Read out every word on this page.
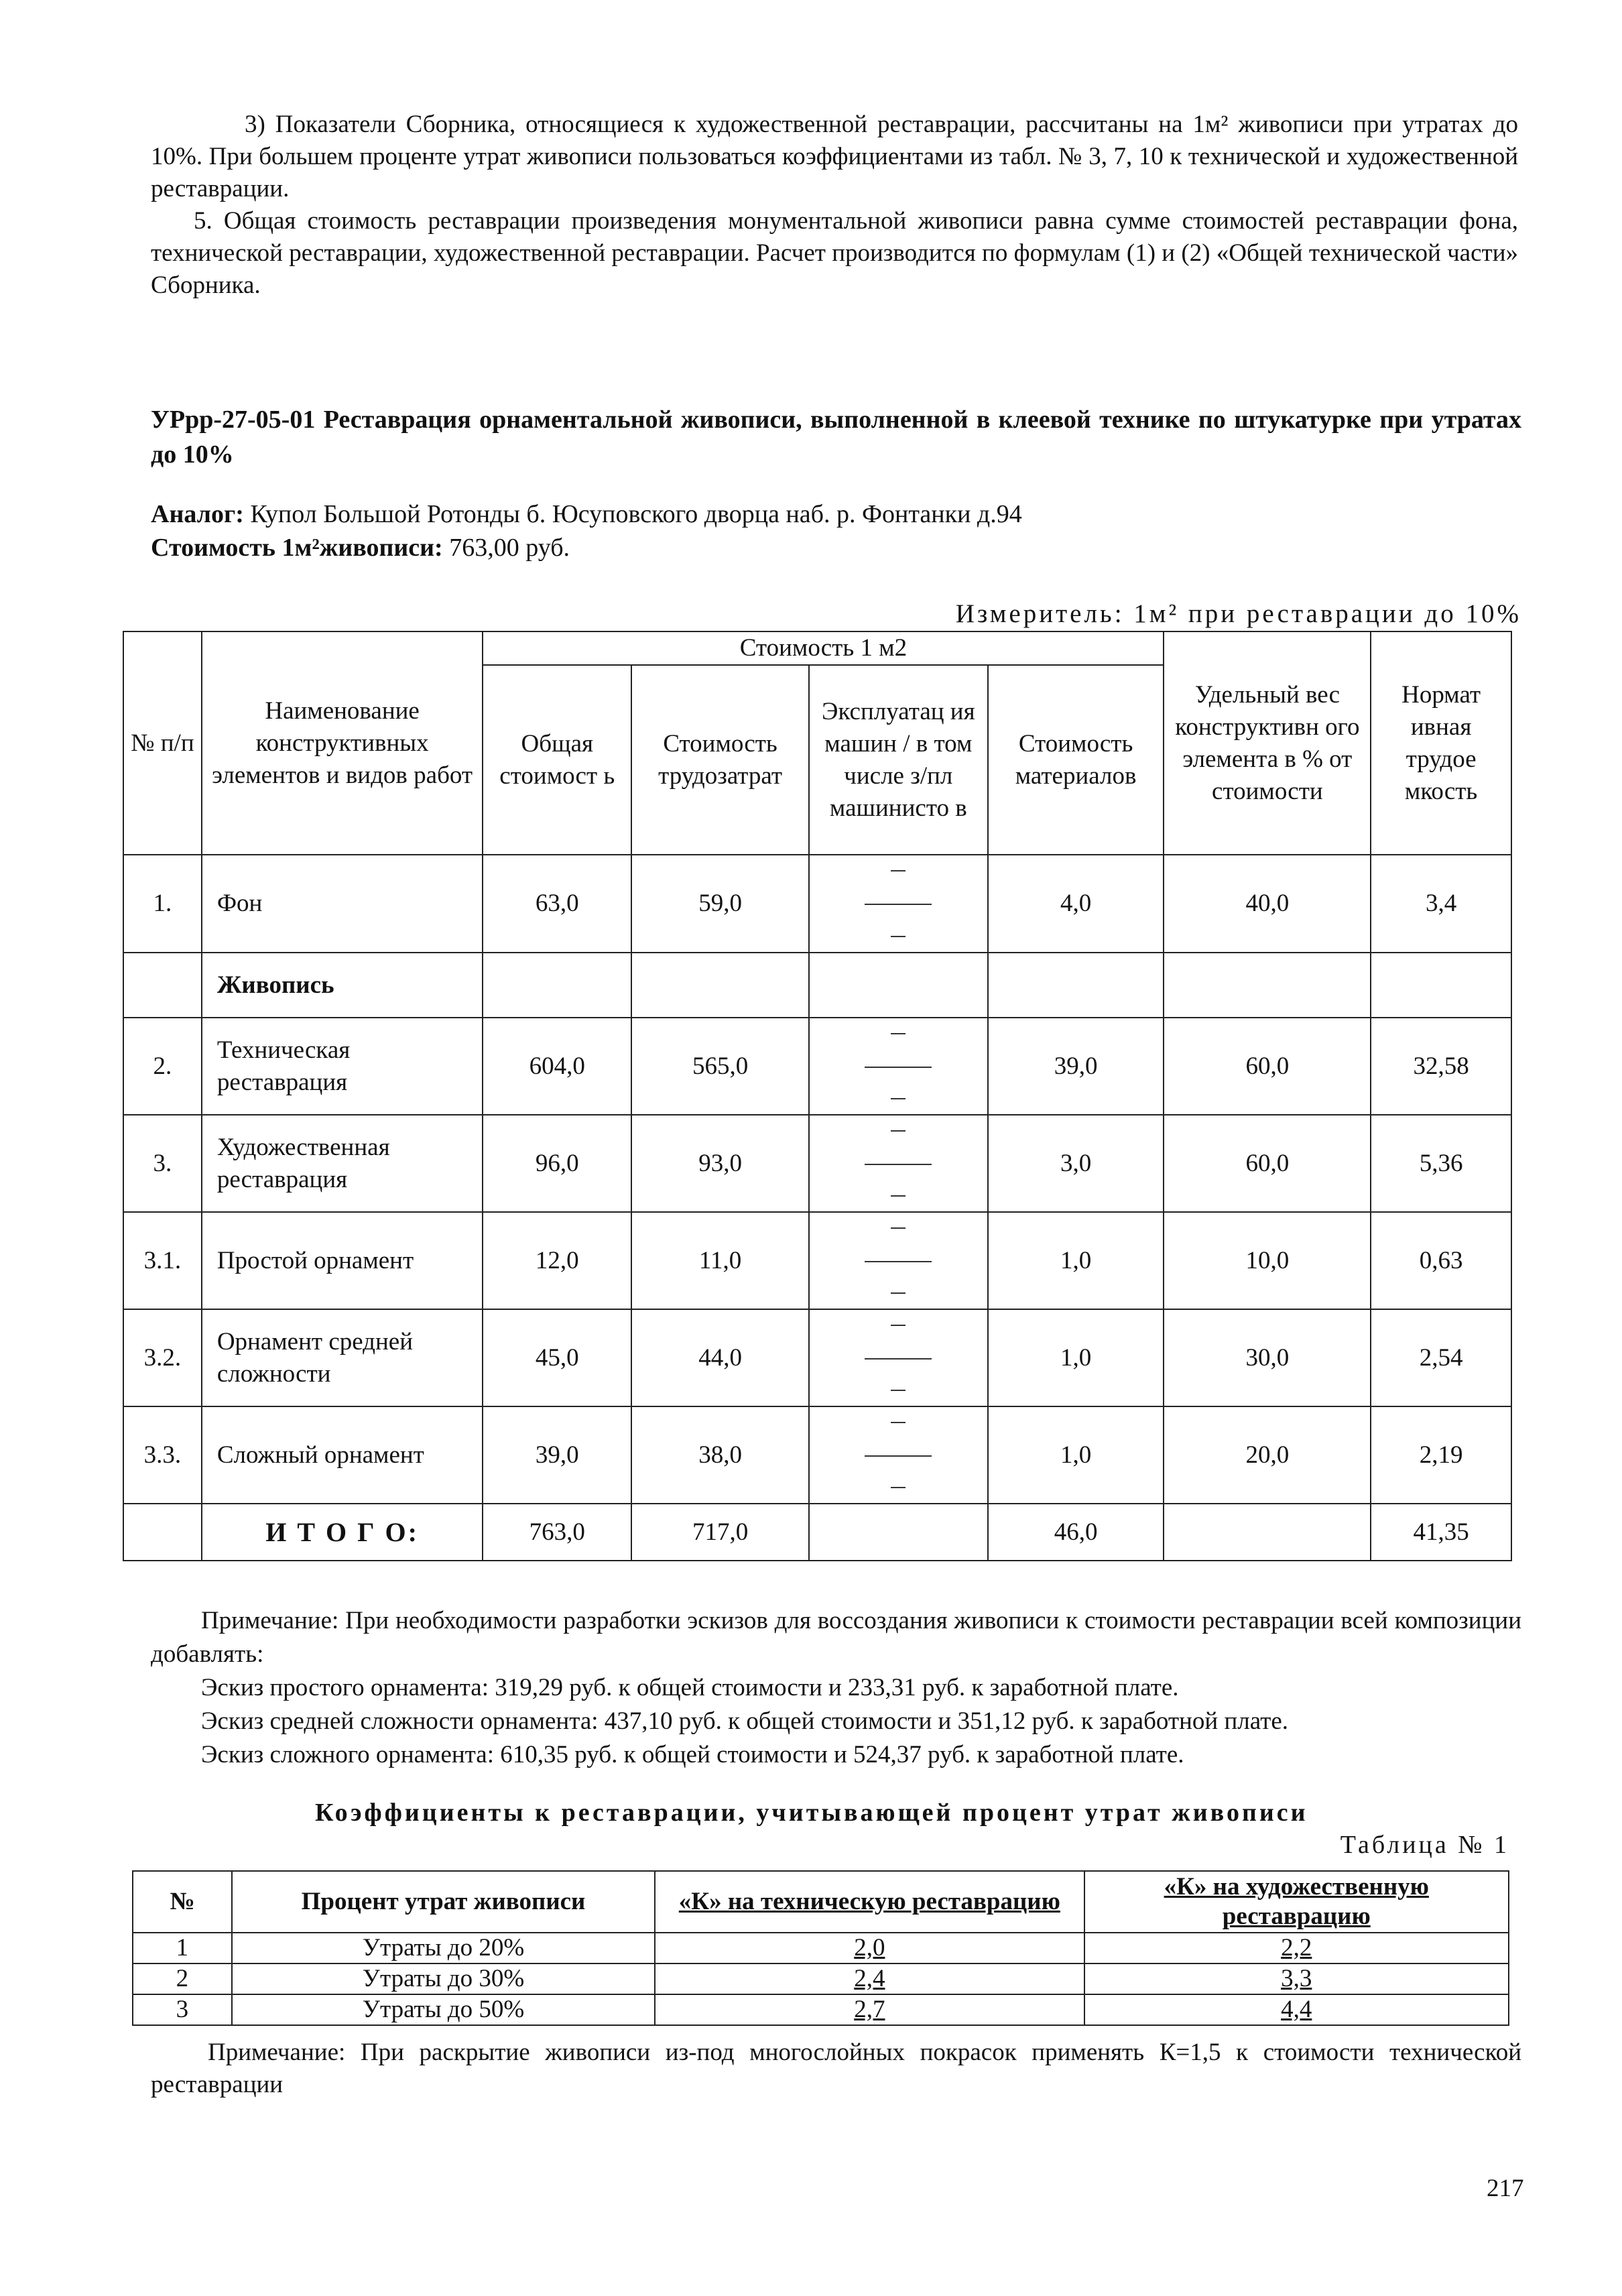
3) Показатели Сборника, относящиеся к художественной реставрации, рассчитаны на 1м² живописи при утратах до 10%. При большем проценте утрат живописи пользоваться коэффициентами из табл. № 3, 7, 10 к технической и художественной реставрации.

5. Общая стоимость реставрации произведения монументальной живописи равна сумме стоимостей реставрации фона, технической реставрации, художественной реставрации. Расчет производится по формулам (1) и (2) «Общей технической части» Сборника.

УРрр-27-05-01 Реставрация орнаментальной живописи, выполненной в клеевой технике по штукатурке при утратах до 10%

Аналог: Купол Большой Ротонды б. Юсуповского дворца наб. р. Фонтанки д.94

Стоимость 1м²живописи: 763,00 руб.

Измеритель: 1м² при реставрации до 10%
№ п/п	Наименование конструктивных элементов и видов работ	Стоимость 1 м2				Удельный вес конструктивн ого элемента в % от стоимости	Нормат ивная трудое мкость
		Общая стоимост ь	Стоимость трудозатрат	Эксплуатац ия машин / в том числе з/пл машинисто в	Стоимость материалов		
1.	Фон	63,0	59,0		4,0	40,0	3,4
	Живопись						
2.	Техническая реставрация	604,0	565,0		39,0	60,0	32,58
3.	Художественная реставрация	96,0	93,0		3,0	60,0	5,36
3.1.	Простой орнамент	12,0	11,0		1,0	10,0	0,63
3.2.	Орнамент средней сложности	45,0	44,0		1,0	30,0	2,54
3.3.	Сложный орнамент	39,0	38,0		1,0	20,0	2,19
	И Т О Г О:	763,0	717,0		46,0		41,35

Примечание: При необходимости разработки эскизов для воссоздания живописи к стоимости реставрации всей композиции добавлять:

Эскиз простого орнамента: 319,29 руб. к общей стоимости и 233,31 руб. к заработной плате.

Эскиз средней сложности орнамента: 437,10 руб. к общей стоимости и 351,12 руб. к заработной плате.

Эскиз сложного орнамента: 610,35 руб. к общей стоимости и 524,37 руб. к заработной плате.

Коэффициенты к реставрации, учитывающей процент утрат живописи
Таблица № 1
№	Процент утрат живописи	«К» на техническую реставрацию	«К» на художественную реставрацию
1	Утраты до 20%	2,0	2,2
2	Утраты до 30%	2,4	3,3
3	Утраты до 50%	2,7	4,4

Примечание: При раскрытие живописи из-под многослойных покрасок применять К=1,5 к стоимости технической реставрации

217
